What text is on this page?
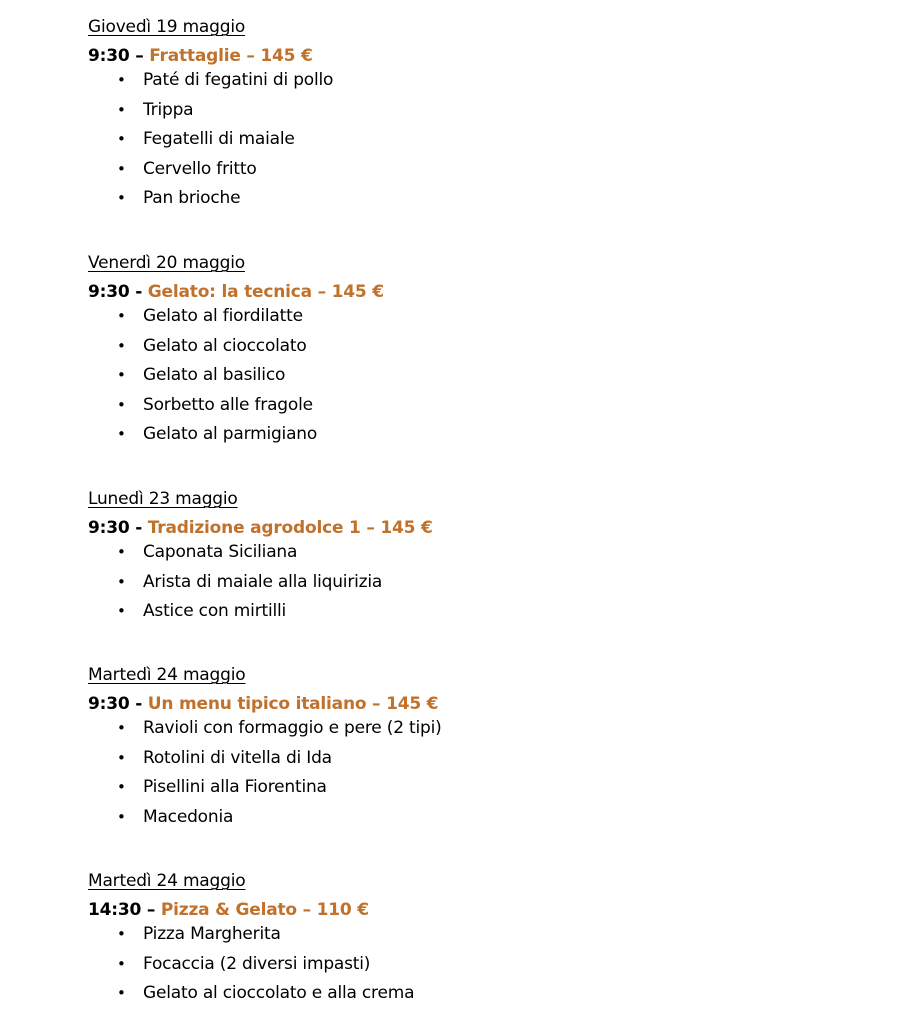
Giovedì 19 maggio
9:30 – Frattaglie – 145 €
• Paté di fegatini di pollo
• Trippa
• Fegatelli di maiale
• Cervello fritto
• Pan brioche
Venerdì 20 maggio
9:30 - Gelato: la tecnica – 145 €
• Gelato al fiordilatte
• Gelato al cioccolato
• Gelato al basilico
• Sorbetto alle fragole
• Gelato al parmigiano
Lunedì 23 maggio
9:30 - Tradizione agrodolce 1 – 145 €
• Caponata Siciliana
• Arista di maiale alla liquirizia
• Astice con mirtilli
Martedì 24 maggio
9:30 - Un menu tipico italiano – 145 €
• Ravioli con formaggio e pere (2 tipi)
• Rotolini di vitella di Ida
• Pisellini alla Fiorentina
• Macedonia
Martedì 24 maggio
14:30 – Pizza & Gelato – 110 €
• Pizza Margherita
• Focaccia (2 diversi impasti)
• Gelato al cioccolato e alla crema
